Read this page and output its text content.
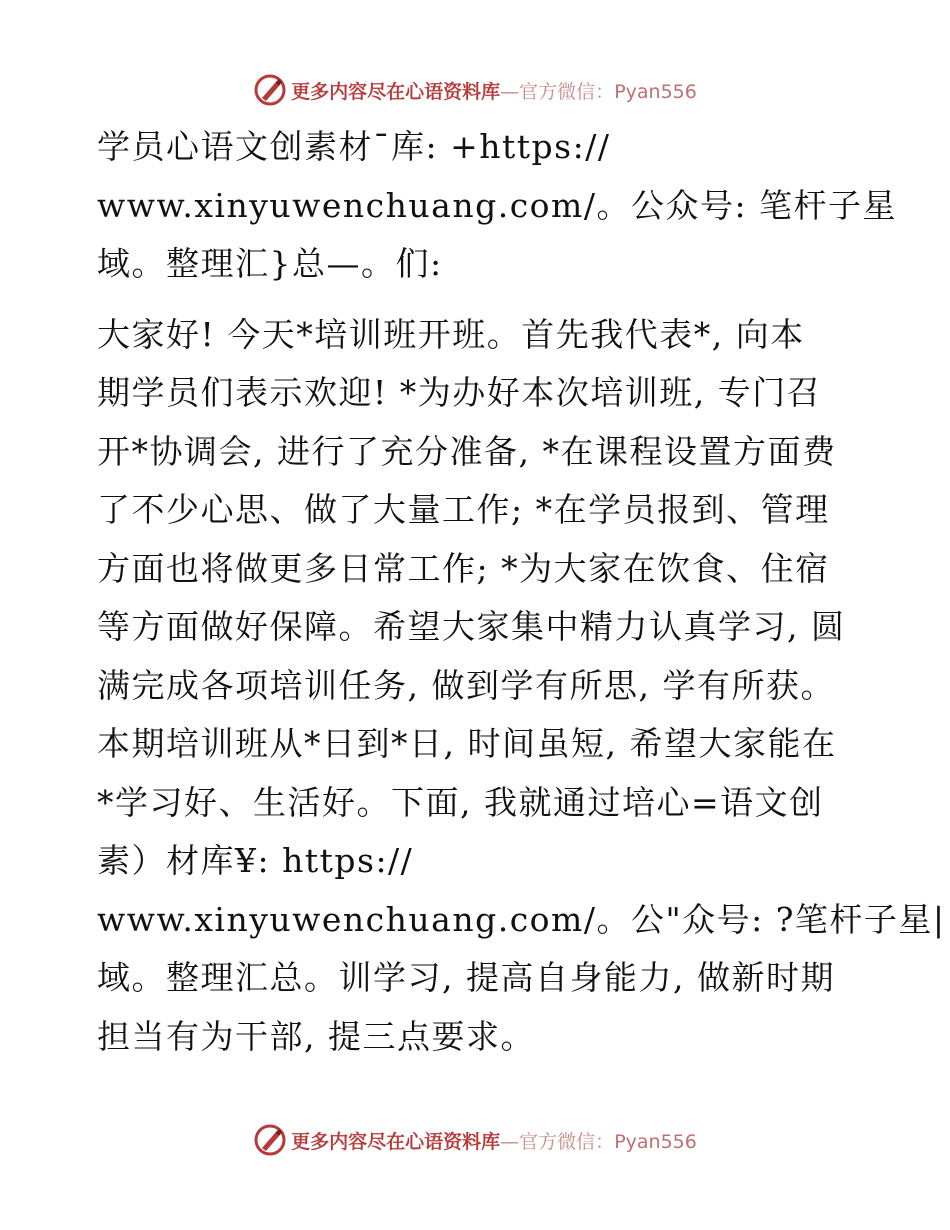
更多内容尽在心语资料库—官方微信：Pyan556
学员心语文创素材¯库: +https://
www.xinyuwenchuang.com/。公众号: 笔杆子星
域。整理汇}总—。们:
大家好! 今天*培训班开班。首先我代表*, 向本
期学员们表示欢迎! *为办好本次培训班, 专门召
开*协调会, 进行了充分准备, *在课程设置方面费
了不少心思、做了大量工作; *在学员报到、管理
方面也将做更多日常工作; *为大家在饮食、住宿
等方面做好保障。希望大家集中精力认真学习, 圆
满完成各项培训任务, 做到学有所思, 学有所获。
本期培训班从*日到*日, 时间虽短, 希望大家能在
*学习好、生活好。下面, 我就通过培心=语文创
素）材库¥: https://
www.xinyuwenchuang.com/。公"众号: ?笔杆子星|
域。整理汇总。训学习, 提高自身能力, 做新时期
担当有为干部, 提三点要求。
更多内容尽在心语资料库—官方微信：Pyan556
